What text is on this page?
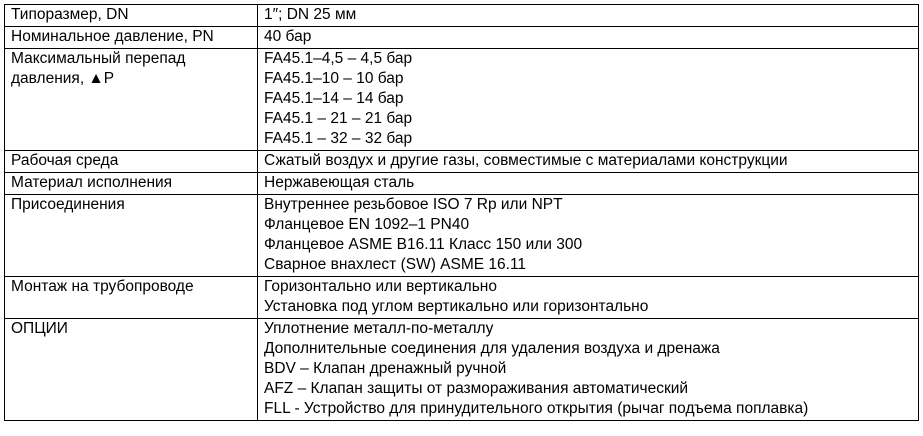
Типоразмер, DN	1″; DN 25 мм

Номинальное давление, PN	40 бар

Максимальный перепад давления, ▲P	FA45.1–4,5 – 4,5 бар
FA45.1–10 – 10 бар
FA45.1–14 – 14 бар
FA45.1 – 21 – 21 бар
FA45.1 – 32 – 32 бар

Рабочая среда	Сжатый воздух и другие газы, совместимые с материалами конструкции

Материал исполнения	Нержавеющая сталь

Присоединения	Внутреннее резьбовое ISO 7 Rp или NPT
Фланцевое EN 1092–1 PN40
Фланцевое ASME B16.11 Класс 150 или 300
Сварное внахлест (SW) ASME 16.11

Монтаж на трубопроводе	Горизонтально или вертикально
Установка под углом вертикально или горизонтально

ОПЦИИ	Уплотнение металл-по-металлу
Дополнительные соединения для удаления воздуха и дренажа
BDV – Клапан дренажный ручной
AFZ – Клапан защиты от размораживания автоматический
FLL - Устройство для принудительного открытия (рычаг подъема поплавка)
